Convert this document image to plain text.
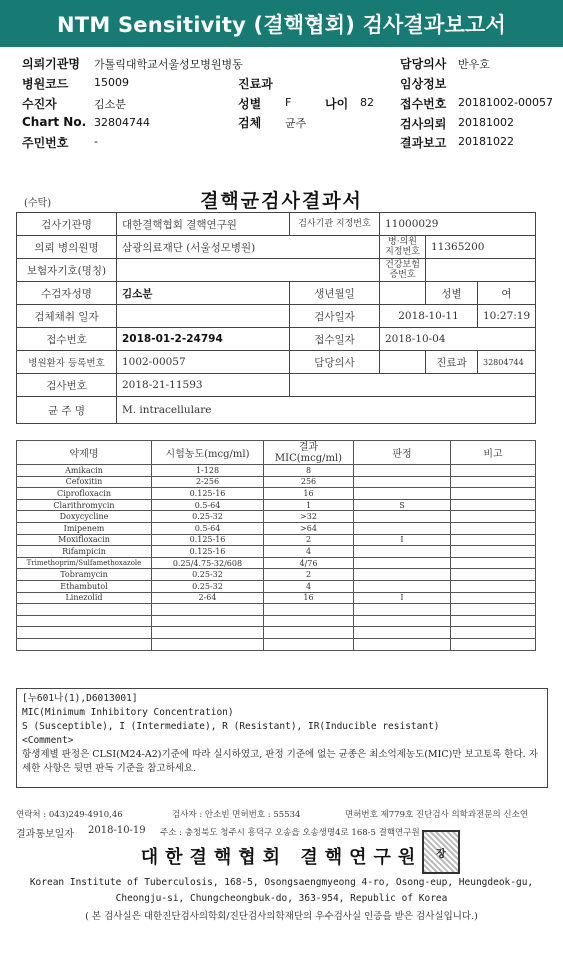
NTM Sensitivity (결핵협회) 검사결과보고서
의뢰기관명 가톨릭대학교서울성모병원병동
병원코드 15009
수진자	김소분
Chart No. 32804744
주민번호 -
진료과
성별 F	나이 82
검체 균주
담당의사 반우호
임상정보
접수번호 20181002-00057
검사의뢰 20181002
결과보고 20181022
(수탁)	결핵균검사결과서
검사기관명	대한결핵협회 결핵연구원	검사기관 지정번호	11000029		
의뢰 병의원명	삼광의료재단 (서울성모병원)		병·의원 지정번호	11365200	
보험자기호(명칭)			건강보험 증번호		
수검자성명	김소분	생년월일		성별	여
검체채취 일자		검사일자	2018-10-11		10:27:19
접수번호	2018-01-2-24794	접수일자	2018-10-04		
병원환자 등록번호	1002-00057	담당의사		진료과	32804744
검사번호	2018-21-11593				
균 주 명	M. intracellulare				
약제명	시험농도(mcg/ml)	결과 MIC(mcg/ml)	판정	비고
Amikacin	1-128	8		
Cefoxitin	2-256	256		
Ciprofloxacin	0.125-16	16		
Clarithromycin	0.5-64	1	S	
Doxycycline	0.25-32	>32		
Imipenem	0.5-64	>64		
Moxifloxacin	0.125-16	2	I	
Rifampicin	0.125-16	4		
Trimethoprim/Sulfamethoxazole	0.25/4.75-32/608	4/76		
Tobramycin	0.25-32	2		
Ethambutol	0.25-32	4		
Linezolid	2-64	16	I	

[누601나(1),D6013001]
MIC(Minimum Inhibitory Concentration)
S (Susceptible), I (Intermediate), R (Resistant), IR(Inducible resistant)
<Comment>
항생제별 판정은 CLSI(M24-A2)기준에 따라 실시하였고, 판정 기준에 없는 균종은 최소억제농도(MIC)만 보고토록 한다. 자세한 사항은 뒷면 판독 기준을 참고하세요.
연락처 : 043)249-4910,46	검사자 : 안소빈 면허번호 : 55534	면허번호 제779호 진단검사 의학과전문의 신소연
결과통보일자 2018-10-19 주소 : 충청북도 청주시 흥덕구 오송읍 오송생명4로 168-5 결핵연구원
대한결핵협회 결핵연구원	장
Korean Institute of Tuberculosis, 168-5, Osongsaengmyeong 4-ro, Osong-eup, Heungdeok-gu,
Cheongju-si, Chungcheongbuk-do, 363-954, Republic of Korea
( 본 검사실은 대한진단검사의학회/진단검사의학재단의 우수검사실 인증을 받은 검사실입니다.)
